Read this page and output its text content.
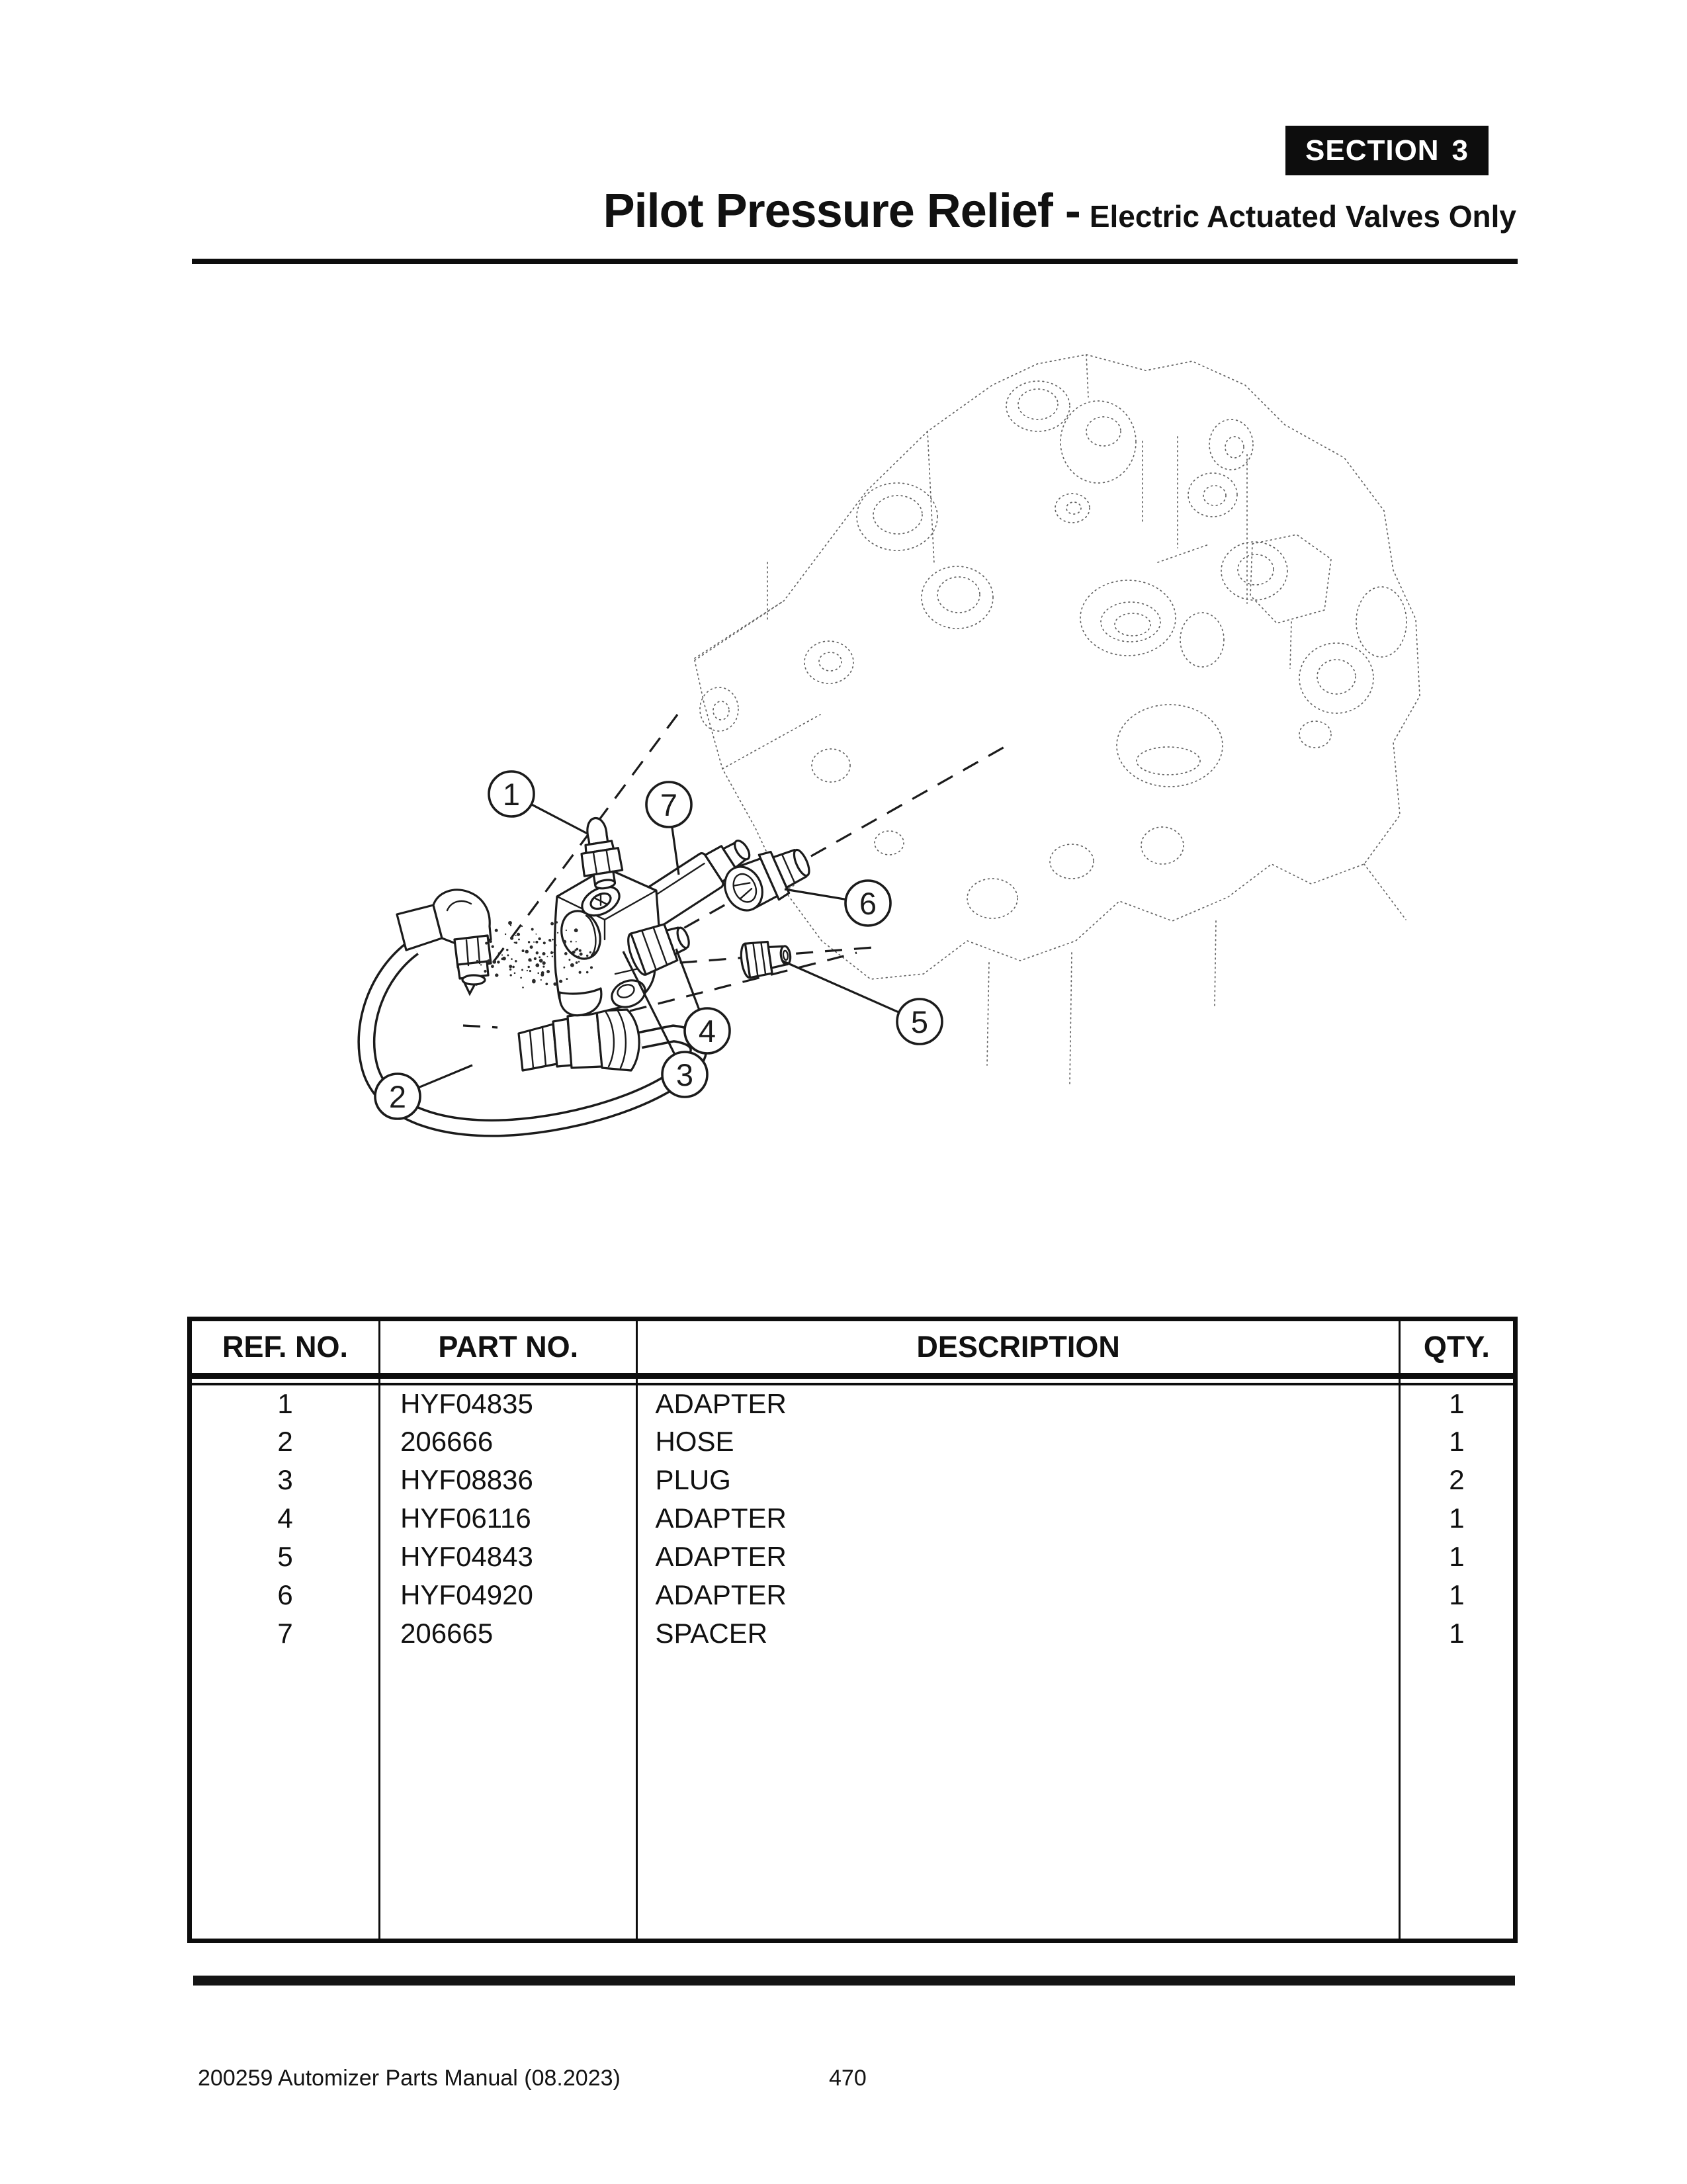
SECTION 3
Pilot Pressure Relief - Electric Actuated Valves Only
1	7
6
5
4
3
2
REF. NO.	PART NO.	DESCRIPTION	QTY.

1	HYF04835	ADAPTER	1
2	206666	HOSE	1
3	HYF08836	PLUG	2
4	HYF06116	ADAPTER	1
5	HYF04843	ADAPTER	1
6	HYF04920	ADAPTER	1
7	206665	SPACER	1

200259 Automizer Parts Manual (08.2023)	470
